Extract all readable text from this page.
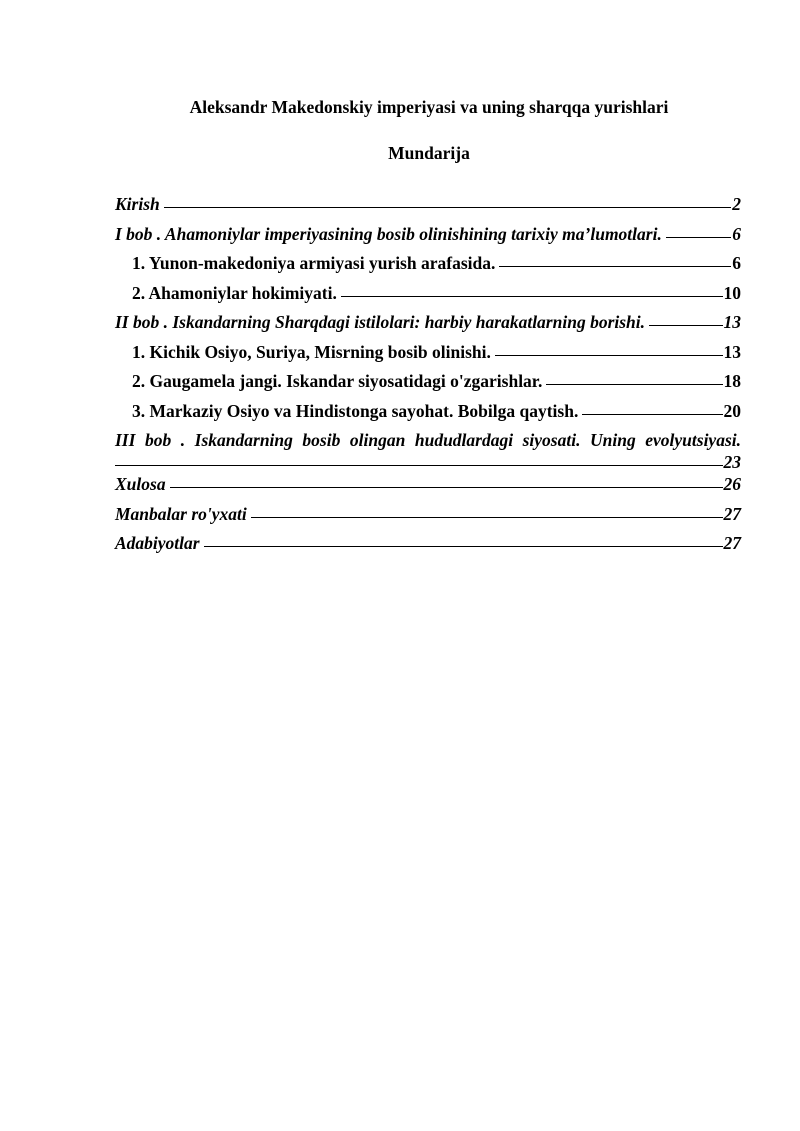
Aleksandr Makedonskiy imperiyasi va uning sharqqa yurishlari
Mundarija
Kirish	2
I bob . Ahamoniylar imperiyasining bosib olinishining tarixiy ma’lumotlari.	6
1. Yunon-makedoniya armiyasi yurish arafasida.	6
2. Ahamoniylar hokimiyati.	10
II bob . Iskandarning Sharqdagi istilolari: harbiy harakatlarning borishi.	13
1. Kichik Osiyo, Suriya, Misrning bosib olinishi.	13
2. Gaugamela jangi. Iskandar siyosatidagi o'zgarishlar.	18
3. Markaziy Osiyo va Hindistonga sayohat. Bobilga qaytish.	20
III bob . Iskandarning bosib olingan hududlardagi siyosati. Uning evolyutsiyasi.
23
Xulosa	26
Manbalar ro'yxati	27
Adabiyotlar	27
